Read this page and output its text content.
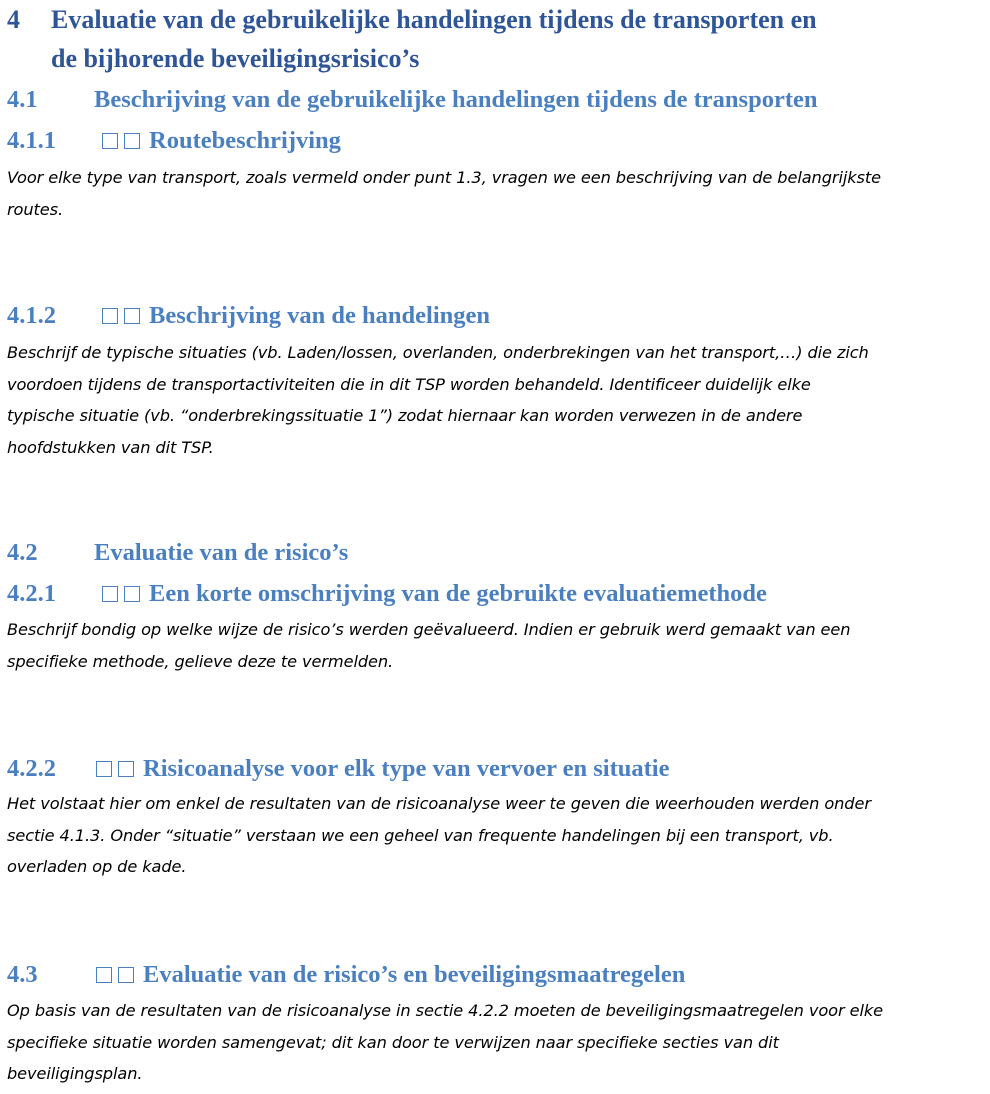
4 Evaluatie van de gebruikelijke handelingen tijdens de transporten en
de bijhorende beveiligingsrisico’s
4.1 Beschrijving van de gebruikelijke handelingen tijdens de transporten
4.1.1	Routebeschrijving
Voor elke type van transport, zoals vermeld onder punt 1.3, vragen we een beschrijving van de belangrijkste
routes.
4.1.2	Beschrijving van de handelingen
Beschrijf de typische situaties (vb. Laden/lossen, overlanden, onderbrekingen van het transport,…) die zich
voordoen tijdens de transportactiviteiten die in dit TSP worden behandeld. Identificeer duidelijk elke
typische situatie (vb. “onderbrekingssituatie 1”) zodat hiernaar kan worden verwezen in de andere
hoofdstukken van dit TSP.
4.2 Evaluatie van de risico’s
4.2.1	Een korte omschrijving van de gebruikte evaluatiemethode
Beschrijf bondig op welke wijze de risico’s werden geëvalueerd. Indien er gebruik werd gemaakt van een
specifieke methode, gelieve deze te vermelden.
4.2.2	Risicoanalyse voor elk type van vervoer en situatie
Het volstaat hier om enkel de resultaten van de risicoanalyse weer te geven die weerhouden werden onder
sectie 4.1.3. Onder “situatie” verstaan we een geheel van frequente handelingen bij een transport, vb.
overladen op de kade.
4.3	Evaluatie van de risico’s en beveiligingsmaatregelen
Op basis van de resultaten van de risicoanalyse in sectie 4.2.2 moeten de beveiligingsmaatregelen voor elke
specifieke situatie worden samengevat; dit kan door te verwijzen naar specifieke secties van dit
beveiligingsplan.
